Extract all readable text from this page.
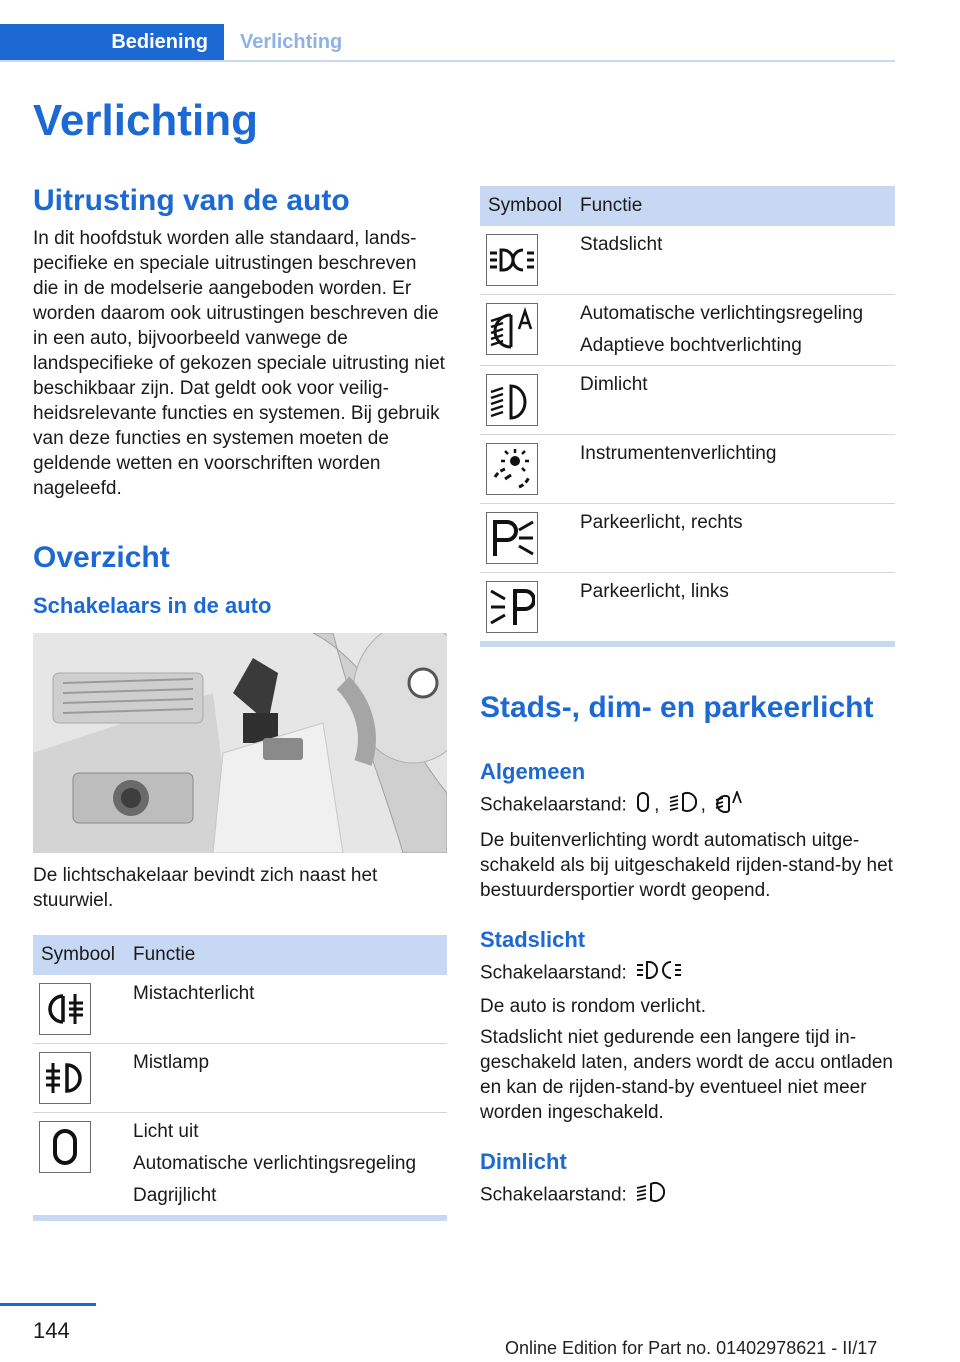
Bediening	Verlichting
Verlichting
Uitrusting van de auto

In dit hoofdstuk worden alle standaard, landspecifieke en speciale uitrustingen beschreven die in de modelserie aangeboden worden. Er worden daarom ook uitrustingen beschreven die in een auto, bijvoorbeeld vanwege de landspecifieke of gekozen speciale uitrusting niet beschikbaar zijn. Dat geldt ook voor veiligheidsrelevante functies en systemen. Bij gebruik van deze functies en systemen moeten de geldende wetten en voorschriften worden nageleefd.

Overzicht
Schakelaars in de auto

De lichtschakelaar bevindt zich naast het stuurwiel.

Symbool	Functie

Mistachterlicht

Mistlamp

Licht uit
Automatische verlichtingsregeling
Dagrijlicht
Symbool	Functie

Stadslicht

Automatische verlichtingsregeling
Adaptieve bochtverlichting

Dimlicht

Instrumentenverlichting

Parkeerlicht, rechts

Parkeerlicht, links
Stads-, dim- en parkeerlicht
Algemeen

Schakelaarstand: , ,

De buitenverlichting wordt automatisch uitgeschakeld als bij uitgeschakeld rijden-stand-by het bestuurdersportier wordt geopend.

Stadslicht

Schakelaarstand:

De auto is rondom verlicht.

Stadslicht niet gedurende een langere tijd ingeschakeld laten, anders wordt de accu ontladen en kan de rijden-stand-by eventueel niet meer worden ingeschakeld.

Dimlicht

Schakelaarstand:

144
Online Edition for Part no. 01402978621 - II/17
